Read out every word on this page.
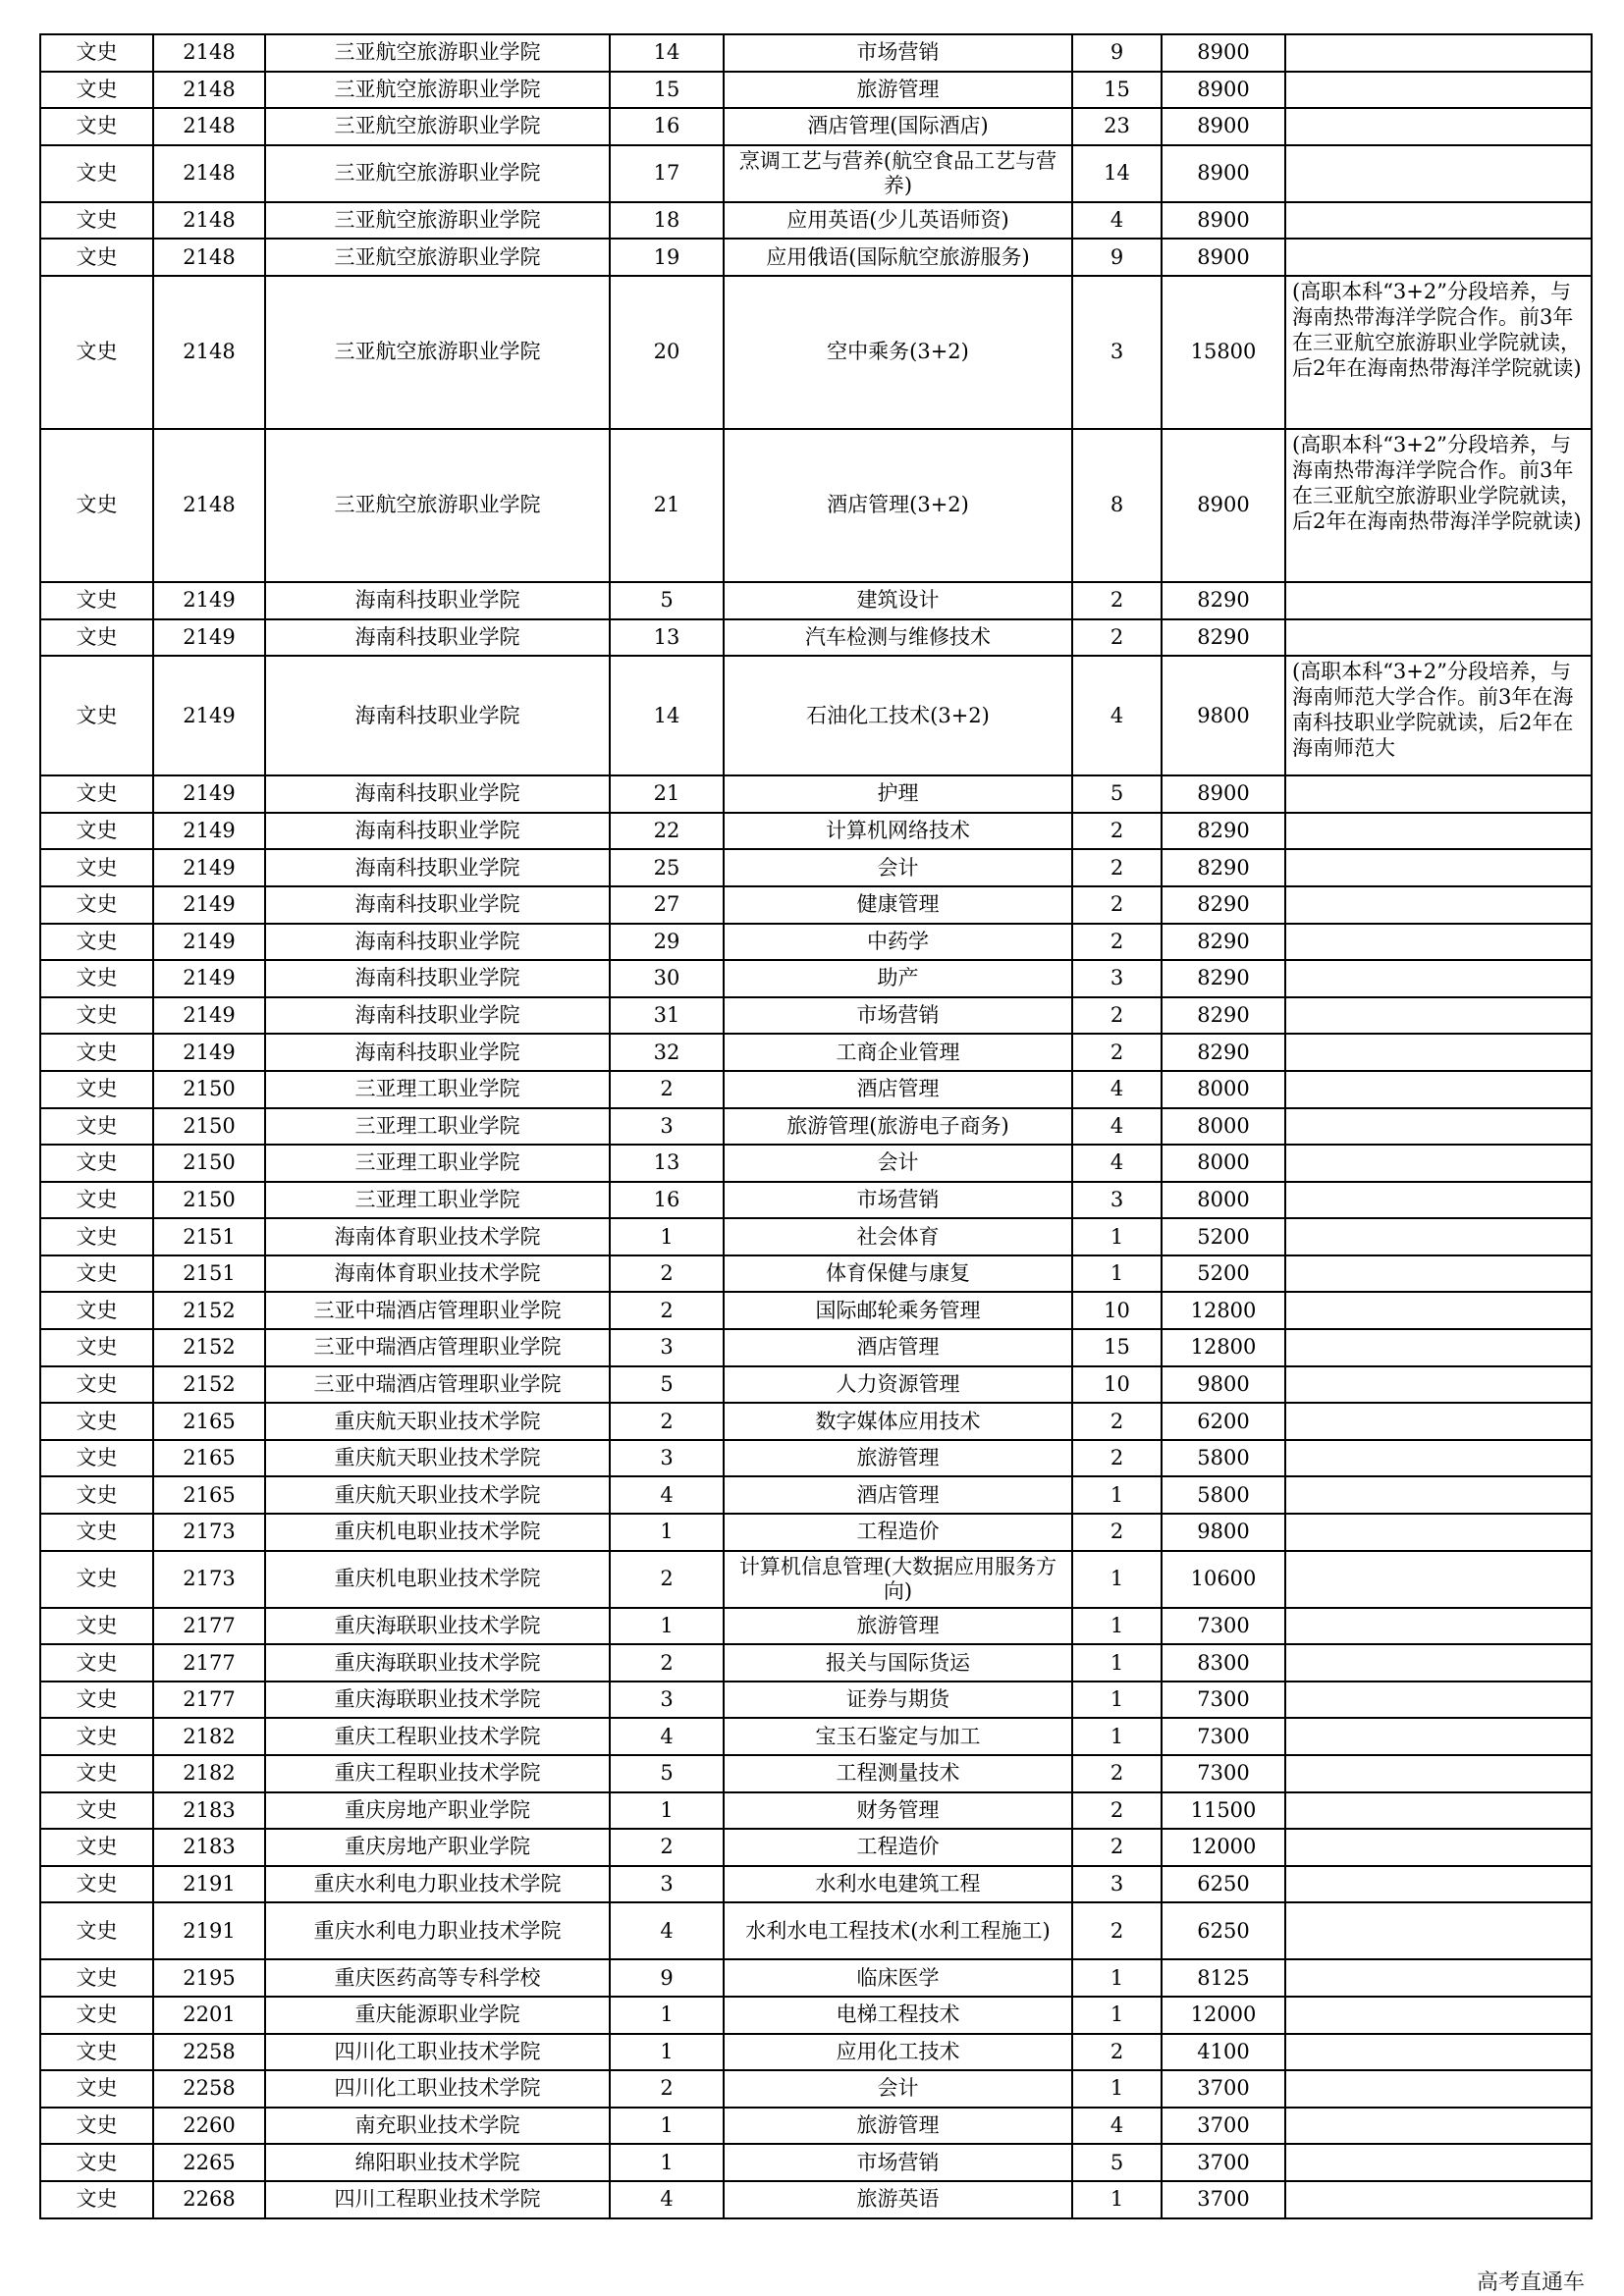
文史	2148	三亚航空旅游职业学院	14	市场营销	9	8900	
文史	2148	三亚航空旅游职业学院	15	旅游管理	15	8900	
文史	2148	三亚航空旅游职业学院	16	酒店管理(国际酒店)	23	8900	
文史	2148	三亚航空旅游职业学院	17	烹调工艺与营养(航空食品工艺与营养)	14	8900	
文史	2148	三亚航空旅游职业学院	18	应用英语(少儿英语师资)	4	8900	
文史	2148	三亚航空旅游职业学院	19	应用俄语(国际航空旅游服务)	9	8900	
文史	2148	三亚航空旅游职业学院	20	空中乘务(3+2)	3	15800	(高职本科“3+2”分段培养，与海南热带海洋学院合作。前3年在三亚航空旅游职业学院就读，后2年在海南热带海洋学院就读)
文史	2148	三亚航空旅游职业学院	21	酒店管理(3+2)	8	8900	(高职本科“3+2”分段培养，与海南热带海洋学院合作。前3年在三亚航空旅游职业学院就读，后2年在海南热带海洋学院就读)
文史	2149	海南科技职业学院	5	建筑设计	2	8290	
文史	2149	海南科技职业学院	13	汽车检测与维修技术	2	8290	
文史	2149	海南科技职业学院	14	石油化工技术(3+2)	4	9800	(高职本科“3+2”分段培养，与海南师范大学合作。前3年在海南科技职业学院就读，后2年在海南师范大
文史	2149	海南科技职业学院	21	护理	5	8900	
文史	2149	海南科技职业学院	22	计算机网络技术	2	8290	
文史	2149	海南科技职业学院	25	会计	2	8290	
文史	2149	海南科技职业学院	27	健康管理	2	8290	
文史	2149	海南科技职业学院	29	中药学	2	8290	
文史	2149	海南科技职业学院	30	助产	3	8290	
文史	2149	海南科技职业学院	31	市场营销	2	8290	
文史	2149	海南科技职业学院	32	工商企业管理	2	8290	
文史	2150	三亚理工职业学院	2	酒店管理	4	8000	
文史	2150	三亚理工职业学院	3	旅游管理(旅游电子商务)	4	8000	
文史	2150	三亚理工职业学院	13	会计	4	8000	
文史	2150	三亚理工职业学院	16	市场营销	3	8000	
文史	2151	海南体育职业技术学院	1	社会体育	1	5200	
文史	2151	海南体育职业技术学院	2	体育保健与康复	1	5200	
文史	2152	三亚中瑞酒店管理职业学院	2	国际邮轮乘务管理	10	12800	
文史	2152	三亚中瑞酒店管理职业学院	3	酒店管理	15	12800	
文史	2152	三亚中瑞酒店管理职业学院	5	人力资源管理	10	9800	
文史	2165	重庆航天职业技术学院	2	数字媒体应用技术	2	6200	
文史	2165	重庆航天职业技术学院	3	旅游管理	2	5800	
文史	2165	重庆航天职业技术学院	4	酒店管理	1	5800	
文史	2173	重庆机电职业技术学院	1	工程造价	2	9800	
文史	2173	重庆机电职业技术学院	2	计算机信息管理(大数据应用服务方向)	1	10600	
文史	2177	重庆海联职业技术学院	1	旅游管理	1	7300	
文史	2177	重庆海联职业技术学院	2	报关与国际货运	1	8300	
文史	2177	重庆海联职业技术学院	3	证券与期货	1	7300	
文史	2182	重庆工程职业技术学院	4	宝玉石鉴定与加工	1	7300	
文史	2182	重庆工程职业技术学院	5	工程测量技术	2	7300	
文史	2183	重庆房地产职业学院	1	财务管理	2	11500	
文史	2183	重庆房地产职业学院	2	工程造价	2	12000	
文史	2191	重庆水利电力职业技术学院	3	水利水电建筑工程	3	6250	
文史	2191	重庆水利电力职业技术学院	4	水利水电工程技术(水利工程施工)	2	6250	
文史	2195	重庆医药高等专科学校	9	临床医学	1	8125	
文史	2201	重庆能源职业学院	1	电梯工程技术	1	12000	
文史	2258	四川化工职业技术学院	1	应用化工技术	2	4100	
文史	2258	四川化工职业技术学院	2	会计	1	3700	
文史	2260	南充职业技术学院	1	旅游管理	4	3700	
文史	2265	绵阳职业技术学院	1	市场营销	5	3700	
文史	2268	四川工程职业技术学院	4	旅游英语	1	3700	
高考直通车
